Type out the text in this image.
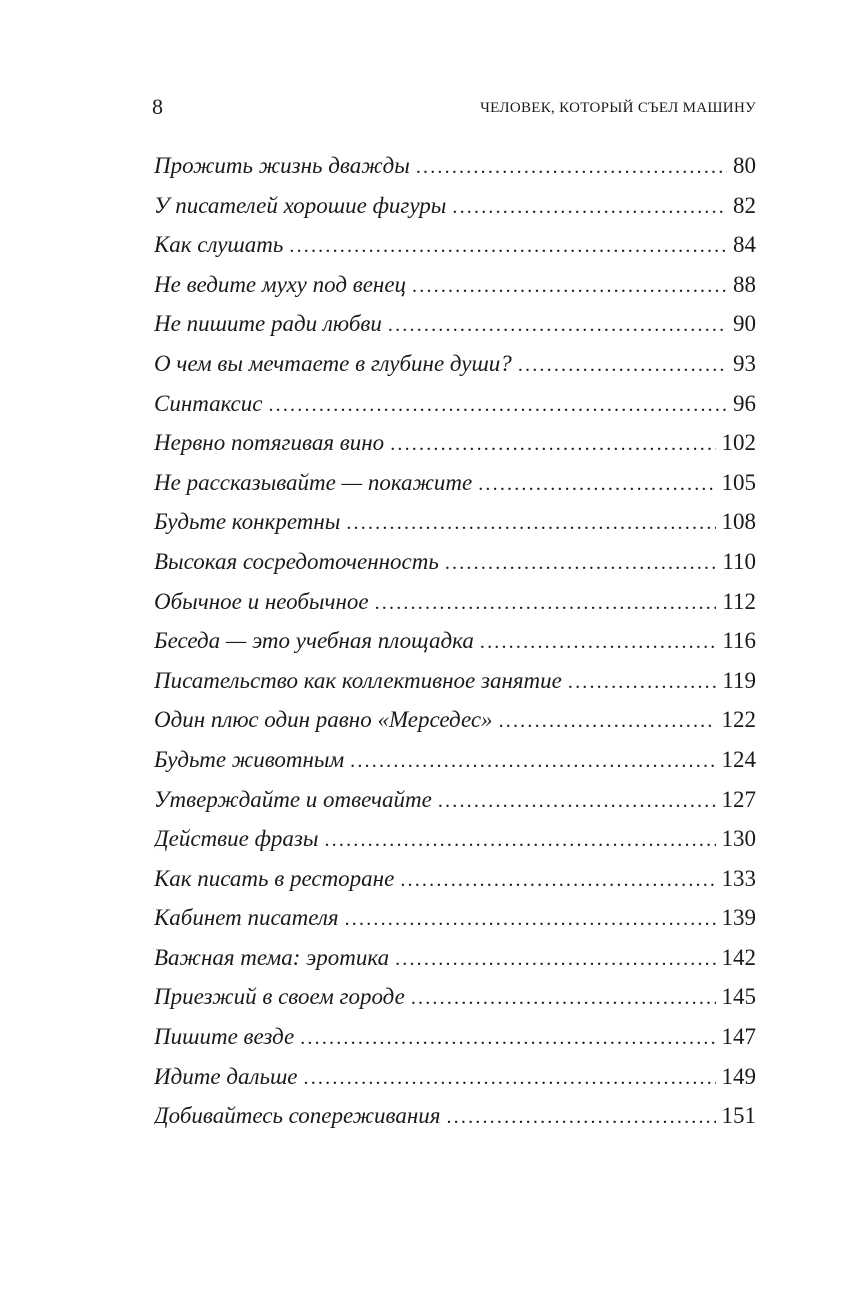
8	ЧЕЛОВЕК, КОТОРЫЙ СЪЕЛ МАШИНУ
Прожить жизнь дважды . . .	80
У писателей хорошие фигуры . . .	82
Как слушать . . .	84
Не ведите муху под венец . . .	88
Не пишите ради любви . . .	90
О чем вы мечтаете в глубине души? . . .	93
Синтаксис . . .	96
Нервно потягивая вино . . .	102
Не рассказывайте — покажите . . .	105
Будьте конкретны . . .	108
Высокая сосредоточенность . . .	110
Обычное и необычное . . .	112
Беседа — это учебная площадка . . .	116
Писательство как коллективное занятие . . .	119
Один плюс один равно «Мерседес» . . .	122
Будьте животным . . .	124
Утверждайте и отвечайте . . .	127
Действие фразы . . .	130
Как писать в ресторане . . .	133
Кабинет писателя . . .	139
Важная тема: эротика . . .	142
Приезжий в своем городе . . .	145
Пишите везде . . .	147
Идите дальше . . .	149
Добивайтесь сопереживания . . .	151
